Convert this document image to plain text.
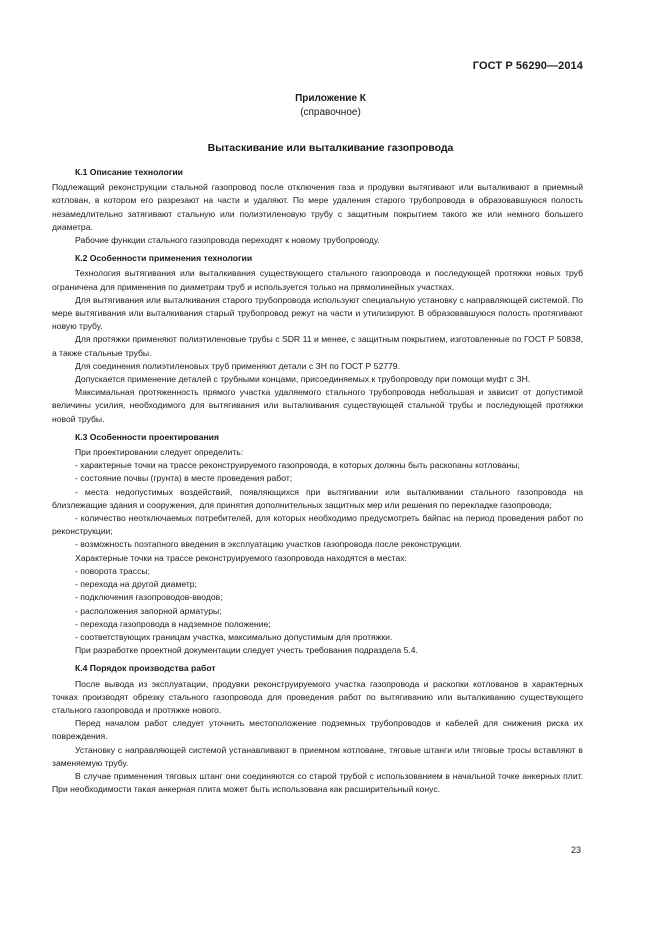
ГОСТ Р 56290—2014
Приложение К
(справочное)
Вытаскивание или выталкивание газопровода
К.1 Описание технологии

Подлежащий реконструкции стальной газопровод после отключения газа и продувки вытягивают или выталкивают в приемный котлован, в котором его разрезают на части и удаляют. По мере удаления старого трубопровода в образовавшуюся полость незамедлительно затягивают стальную или полиэтиленовую трубу с защитным покрытием такого же или немного большего диаметра.

Рабочие функции стального газопровода переходят к новому трубопроводу.

К.2 Особенности применения технологии

Технология вытягивания или выталкивания существующего стального газопровода и последующей протяжки новых труб ограничена для применения по диаметрам труб и используется только на прямолинейных участках.

Для вытягивания или выталкивания старого трубопровода используют специальную установку с направляющей системой. По мере вытягивания или выталкивания старый трубопровод режут на части и утилизируют. В образовавшуюся полость протягивают новую трубу.

Для протяжки применяют полиэтиленовые трубы с SDR 11 и менее, с защитным покрытием, изготовленные по ГОСТ Р 50838, а также стальные трубы.

Для соединения полиэтиленовых труб применяют детали с ЗН по ГОСТ Р 52779.

Допускается применение деталей с трубными концами, присоединяемых к трубопроводу при помощи муфт с ЗН.

Максимальная протяженность прямого участка удаляемого стального трубопровода небольшая и зависит от допустимой величины усилия, необходимого для вытягивания или выталкивания существующей стальной трубы и последующей протяжки новой трубы.

К.3 Особенности проектирования

При проектировании следует определить:

- характерные точки на трассе реконструируемого газопровода, в которых должны быть раскопаны котлованы;

- состояние почвы (грунта) в месте проведения работ;

- места недопустимых воздействий, появляющихся при вытягивании или выталкивании стального газопровода на близлежащие здания и сооружения, для принятия дополнительных защитных мер или решения по перекладке газопровода;

- количество неотключаемых потребителей, для которых необходимо предусмотреть байпас на период проведения работ по реконструкции;

- возможность поэтапного введения в эксплуатацию участков газопровода после реконструкции.

Характерные точки на трассе реконструируемого газопровода находятся в местах:

- поворота трассы;

- перехода на другой диаметр;

- подключения газопроводов-вводов;

- расположения запорной арматуры;

- перехода газопровода в надземное положение;

- соответствующих границам участка, максимально допустимым для протяжки.

При разработке проектной документации следует учесть требования подраздела 5.4.

К.4 Порядок производства работ

После вывода из эксплуатации, продувки реконструируемого участка газопровода и раскопки котлованов в характерных точках производят обрезку стального газопровода для проведения работ по вытягиванию или выталкиванию существующего стального газопровода и протяжке нового.

Перед началом работ следует уточнить местоположение подземных трубопроводов и кабелей для снижения риска их повреждения.

Установку с направляющей системой устанавливают в приемном котловане, тяговые штанги или тяговые тросы вставляют в заменяемую трубу.

В случае применения тяговых штанг они соединяются со старой трубой с использованием в начальной точке анкерных плит. При необходимости такая анкерная плита может быть использована как расширительный конус.

23
